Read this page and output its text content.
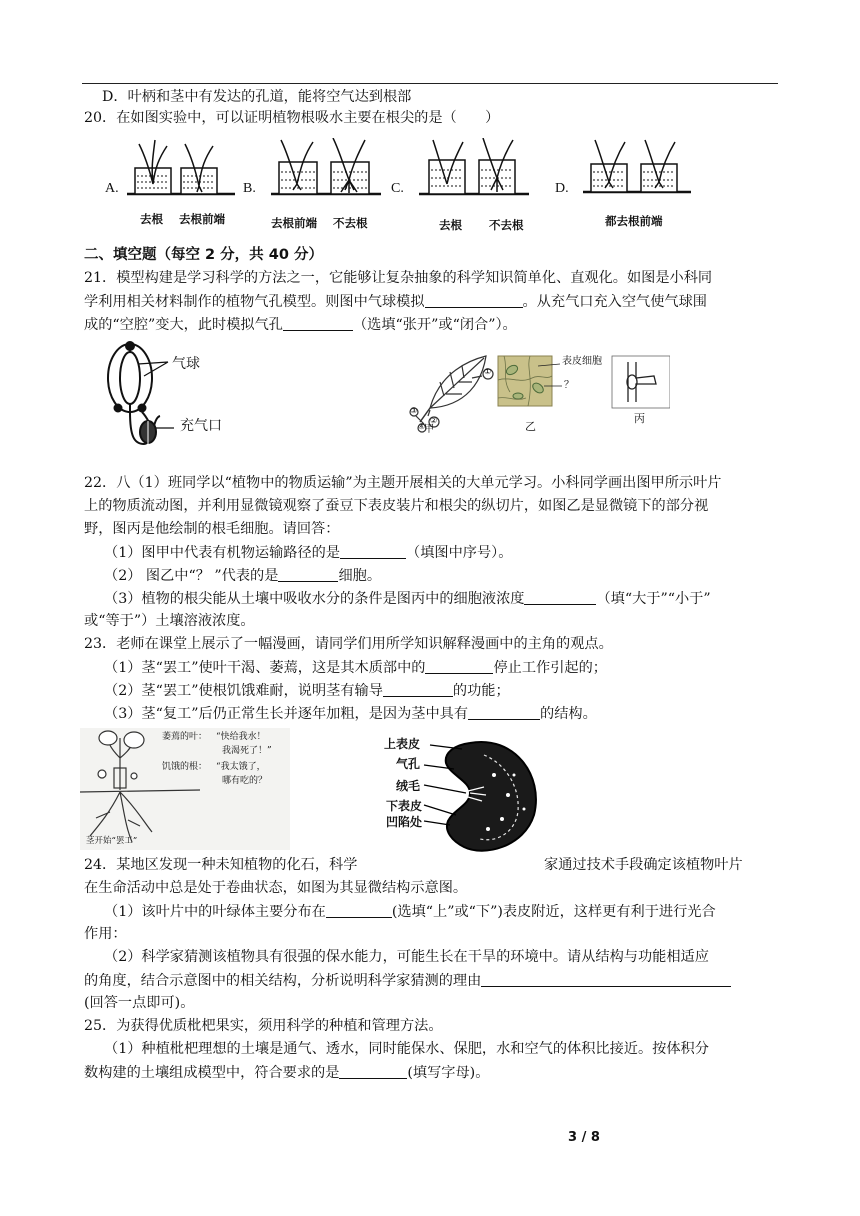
D．叶柄和茎中有发达的孔道，能将空气达到根部
20．在如图实验中，可以证明植物根吸水主要在根尖的是（　　）
A.	B.	C.	D.
去根 去根前端	去根前端 不去根	去根 不去根	都去根前端
二、填空题（每空 2 分，共 40 分）
21．模型构建是学习科学的方法之一，它能够让复杂抽象的科学知识简单化、直观化。如图是小科同
学利用相关材料制作的植物气孔模型。则图中气球模拟	。从充气口充入空气使气球围
成的“空腔”变大，此时模拟气孔	（选填“张开”或“闭合”）。
气球
充气口
表皮细胞
？
甲	乙
丙
①
②
③
④
22．八（1）班同学以“植物中的物质运输”为主题开展相关的大单元学习。小科同学画出图甲所示叶片
上的物质流动图，并利用显微镜观察了蚕豆下表皮装片和根尖的纵切片，如图乙是显微镜下的部分视
野，图丙是他绘制的根毛细胞。请回答：
（1）图甲中代表有机物运输路径的是	（填图中序号）。
（2） 图乙中“？ ”代表的是	细胞。
（3）植物的根尖能从土壤中吸收水分的条件是图丙中的细胞液浓度	（填“大于”“小于”
或“等于”）土壤溶液浓度。
23．老师在课堂上展示了一幅漫画，请同学们用所学知识解释漫画中的主角的观点。
（1）茎“罢工”使叶干渴、萎蔫，这是其木质部中的	停止工作引起的；
（2）茎“罢工”使根饥饿难耐，说明茎有输导	的功能；
（3）茎“复工”后仍正常生长并逐年加粗，是因为茎中具有	的结构。
萎蔫的叶： “快给我水！
我渴死了！”
饥饿的根： “我太饿了，
哪有吃的？
茎开始“罢工”
上表皮
气孔
绒毛
下表皮
凹陷处
24．某地区发现一种未知植物的化石，科学	家通过技术手段确定该植物叶片
在生命活动中总是处于卷曲状态，如图为其显微结构示意图。
（1）该叶片中的叶绿体主要分布在	(选填“上”或“下”)表皮附近，这样更有利于进行光合
作用：
（2）科学家猜测该植物具有很强的保水能力，可能生长在干旱的环境中。请从结构与功能相适应
的角度，结合示意图中的相关结构，分析说明科学家猜测的理由
(回答一点即可)。
25．为获得优质枇杷果实，须用科学的种植和管理方法。
（1）种植枇杷理想的土壤是通气、透水，同时能保水、保肥，水和空气的体积比接近。按体积分
数构建的土壤组成模型中，符合要求的是	(填写字母)。
3 / 8
